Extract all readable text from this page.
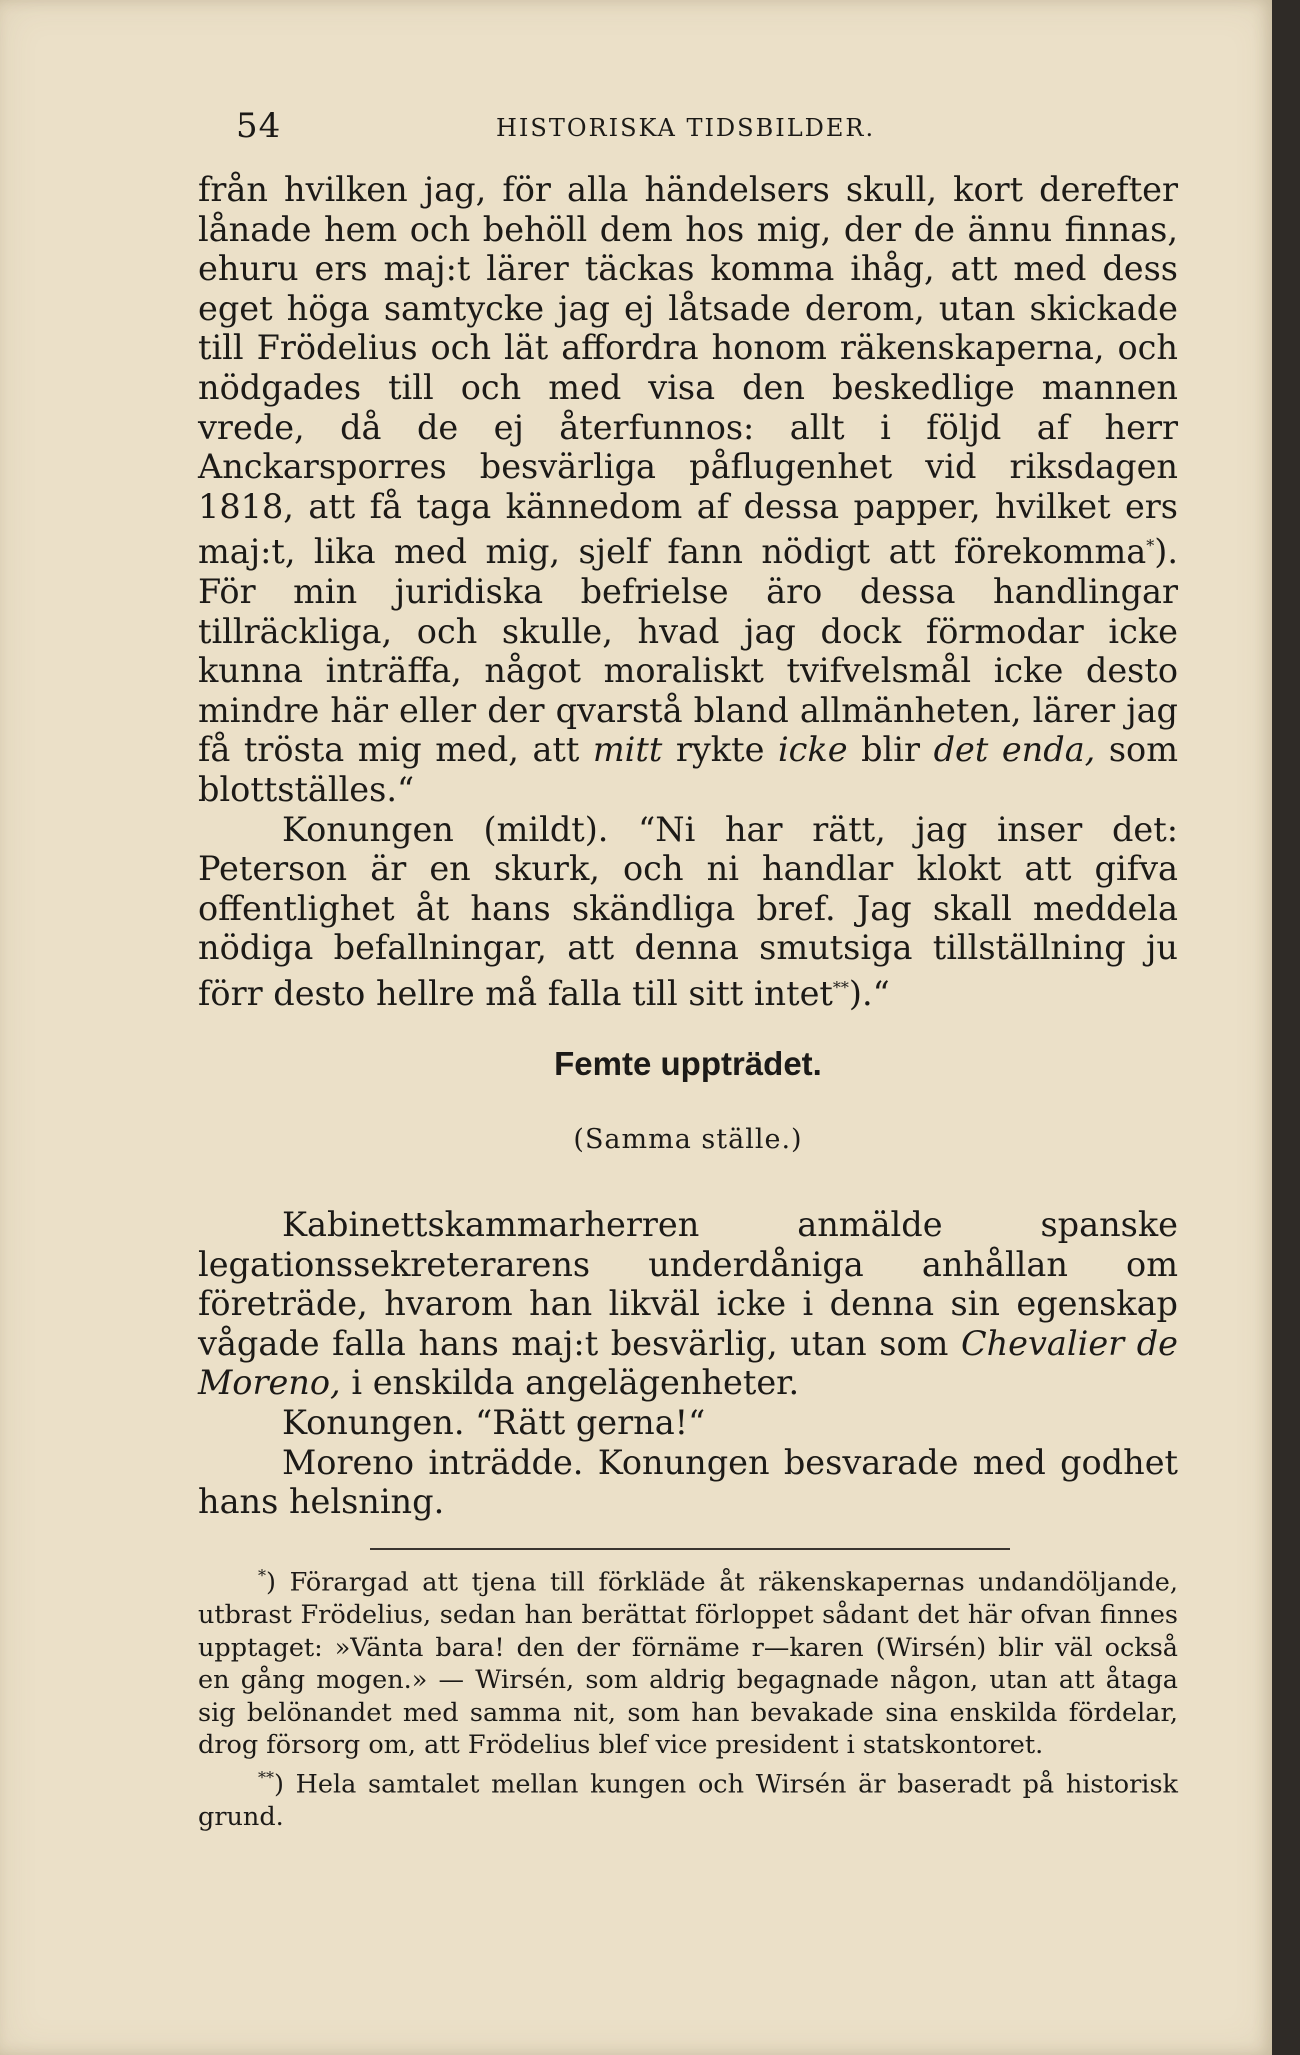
54	HISTORISKA TIDSBILDER.

från hvilken jag, för alla händelsers skull, kort derefter lånade hem och behöll dem hos mig, der de ännu finnas, ehuru ers maj:t lärer täckas komma ihåg, att med dess eget höga samtycke jag ej låtsade derom, utan skickade till Frödelius och lät affordra honom räkenskaperna, och nödgades till och med visa den beskedlige mannen vrede, då de ej återfunnos: allt i följd af herr Anckarsporres besvärliga påflugenhet vid riksdagen 1818, att få taga kännedom af dessa papper, hvilket ers maj:t, lika med mig, sjelf fann nödigt att förekomma*). För min juridiska befrielse äro dessa handlingar tillräckliga, och skulle, hvad jag dock förmodar icke kunna inträffa, något moraliskt tvifvelsmål icke desto mindre här eller der qvarstå bland allmänheten, lärer jag få trösta mig med, att mitt rykte icke blir det enda, som blottställes.“

Konungen (mildt). “Ni har rätt, jag inser det: Peterson är en skurk, och ni handlar klokt att gifva offentlighet åt hans skändliga bref. Jag skall meddela nödiga befallningar, att denna smutsiga tillställning ju förr desto hellre må falla till sitt intet**).“

Femte uppträdet.
(Samma ställe.)

Kabinettskammarherren anmälde spanske legationssekreterarens underdåniga anhållan om företräde, hvarom han likväl icke i denna sin egenskap vågade falla hans maj:t besvärlig, utan som Chevalier de Moreno, i enskilda angelägenheter.

Konungen. “Rätt gerna!“

Moreno inträdde. Konungen besvarade med godhet hans helsning.

*) Förargad att tjena till förkläde åt räkenskapernas undandöljande, utbrast Frödelius, sedan han berättat förloppet sådant det här ofvan finnes upptaget: »Vänta bara! den der förnäme r—karen (Wirsén) blir väl också en gång mogen.» — Wirsén, som aldrig begagnade någon, utan att åtaga sig belönandet med samma nit, som han bevakade sina enskilda fördelar, drog försorg om, att Frödelius blef vice president i statskontoret.

**) Hela samtalet mellan kungen och Wirsén är baseradt på historisk grund.
